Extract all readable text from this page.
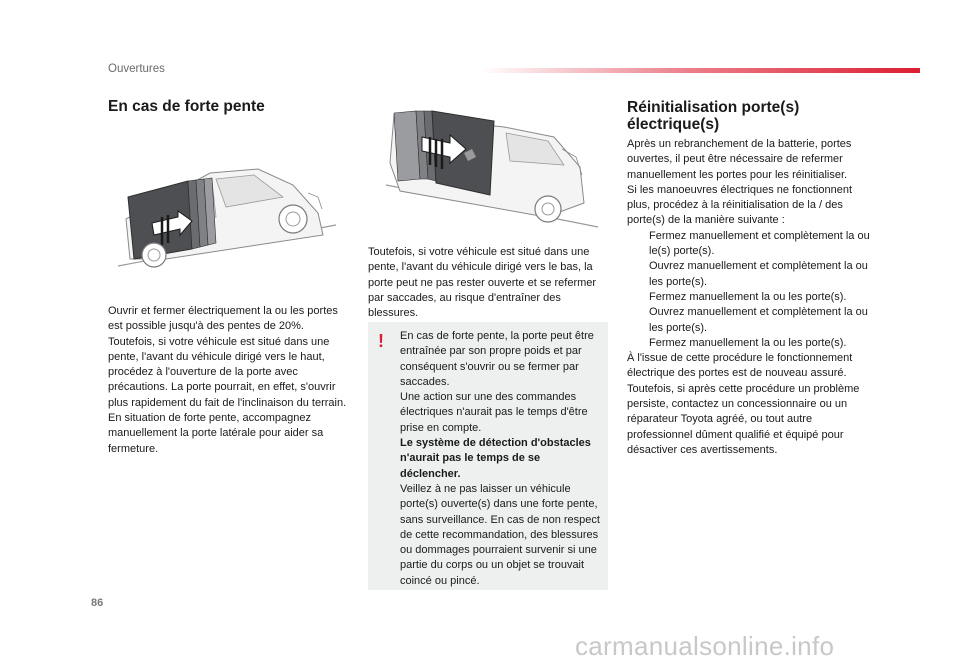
Ouvertures
En cas de forte pente

Ouvrir et fermer électriquement la ou les portes est possible jusqu'à des pentes de 20%.

Toutefois, si votre véhicule est situé dans une pente, l'avant du véhicule dirigé vers le haut, procédez à l'ouverture de la porte avec précautions. La porte pourrait, en effet, s'ouvrir plus rapidement du fait de l'inclinaison du terrain.

En situation de forte pente, accompagnez manuellement la porte latérale pour aider sa fermeture.

Toutefois, si votre véhicule est situé dans une pente, l'avant du véhicule dirigé vers le bas, la porte peut ne pas rester ouverte et se refermer par saccades, au risque d'entraîner des blessures.
! En cas de forte pente, la porte peut être entraînée par son propre poids et par conséquent s'ouvrir ou se fermer par saccades.

Une action sur une des commandes électriques n'aurait pas le temps d'être prise en compte.

Le système de détection d'obstacles n'aurait pas le temps de se déclencher.

Veillez à ne pas laisser un véhicule porte(s) ouverte(s) dans une forte pente, sans surveillance. En cas de non respect de cette recommandation, des blessures ou dommages pourraient survenir si une partie du corps ou un objet se trouvait coincé ou pincé.

Réinitialisation porte(s) électrique(s)

Après un rebranchement de la batterie, portes ouvertes, il peut être nécessaire de refermer manuellement les portes pour les réinitialiser.

Si les manoeuvres électriques ne fonctionnent plus, procédez à la réinitialisation de la / des porte(s) de la manière suivante :

Fermez manuellement et complètement la ou le(s) porte(s).
Ouvrez manuellement et complètement la ou les porte(s).
Fermez manuellement la ou les porte(s).
Ouvrez manuellement et complètement la ou les porte(s).
Fermez manuellement la ou les porte(s).

À l'issue de cette procédure le fonctionnement électrique des portes est de nouveau assuré.

Toutefois, si après cette procédure un problème persiste, contactez un concessionnaire ou un réparateur Toyota agréé, ou tout autre professionnel dûment qualifié et équipé pour désactiver ces avertissements.

86
carmanualsonline.info
